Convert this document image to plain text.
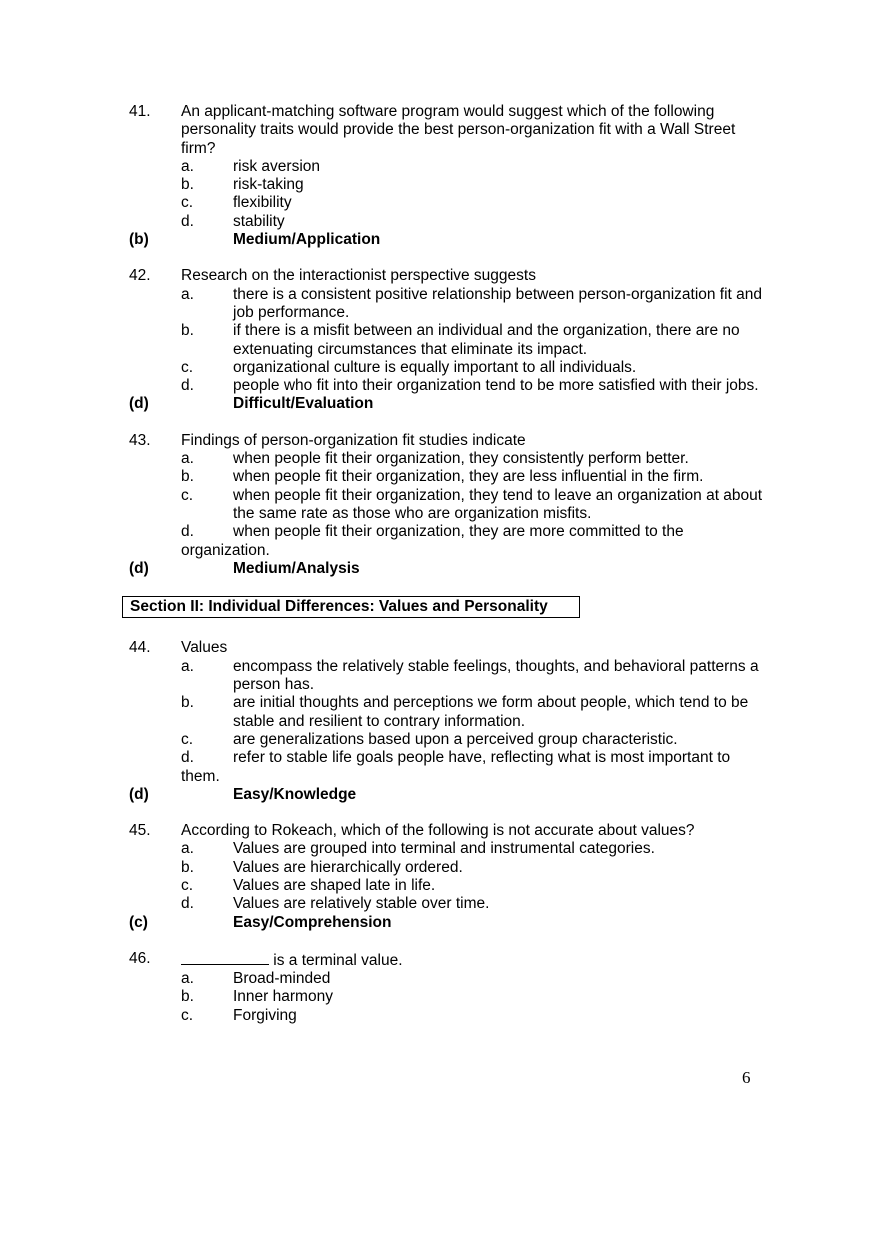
41. An applicant-matching software program would suggest which of the following personality traits would provide the best person-organization fit with a Wall Street firm?
a.	risk aversion
b.	risk-taking
c.	flexibility
d.	stability
(b)	Medium/Application
42. Research on the interactionist perspective suggests
a.	there is a consistent positive relationship between person-organization fit and job performance.
b.	if there is a misfit between an individual and the organization, there are no extenuating circumstances that eliminate its impact.
c.	organizational culture is equally important to all individuals.
d.	people who fit into their organization tend to be more satisfied with their jobs.
(d)	Difficult/Evaluation
43. Findings of person-organization fit studies indicate
a.	when people fit their organization, they consistently perform better.
b.	when people fit their organization, they are less influential in the firm.
c.	when people fit their organization, they tend to leave an organization at about the same rate as those who are organization misfits.
d.	when people fit their organization, they are more committed to the organization.
(d)	Medium/Analysis
Section II: Individual Differences: Values and Personality
44. Values
a.	encompass the relatively stable feelings, thoughts, and behavioral patterns a person has.
b.	are initial thoughts and perceptions we form about people, which tend to be stable and resilient to contrary information.
c.	are generalizations based upon a perceived group characteristic.
d.	refer to stable life goals people have, reflecting what is most important to them.
(d)	Easy/Knowledge
45. According to Rokeach, which of the following is not accurate about values?
a.	Values are grouped into terminal and instrumental categories.
b.	Values are hierarchically ordered.
c.	Values are shaped late in life.
d.	Values are relatively stable over time.
(c)	Easy/Comprehension
46.	is a terminal value.
a.	Broad-minded
b.	Inner harmony
c.	Forgiving
6
